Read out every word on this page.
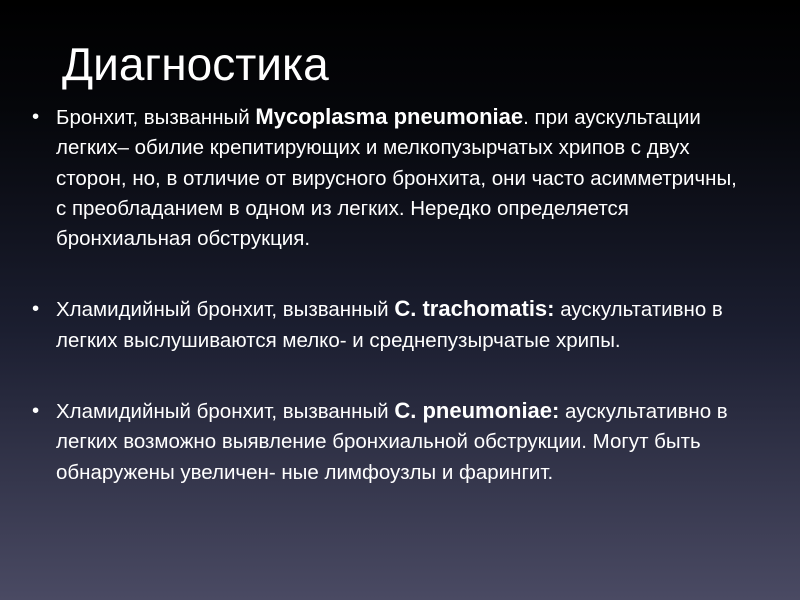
Диагностика
• Бронхит, вызванный Mycoplasma pneumoniae. при аускультации легких– обилие крепитирующих и мелкопузырчатых хрипов с двух сторон, но, в отличие от вирусного бронхита, они часто асимметричны, с преобладанием в одном из легких. Нередко определяется бронхиальная обструкция.
• Хламидийный бронхит, вызванный C. trachomatis: аускультативно в легких выслушиваются мелко- и среднепузырчатые хрипы.
• Хламидийный бронхит, вызванный C. pneumoniae: аускультативно в легких возможно выявление бронхиальной обструкции. Могут быть обнаружены увеличен- ные лимфоузлы и фарингит.
